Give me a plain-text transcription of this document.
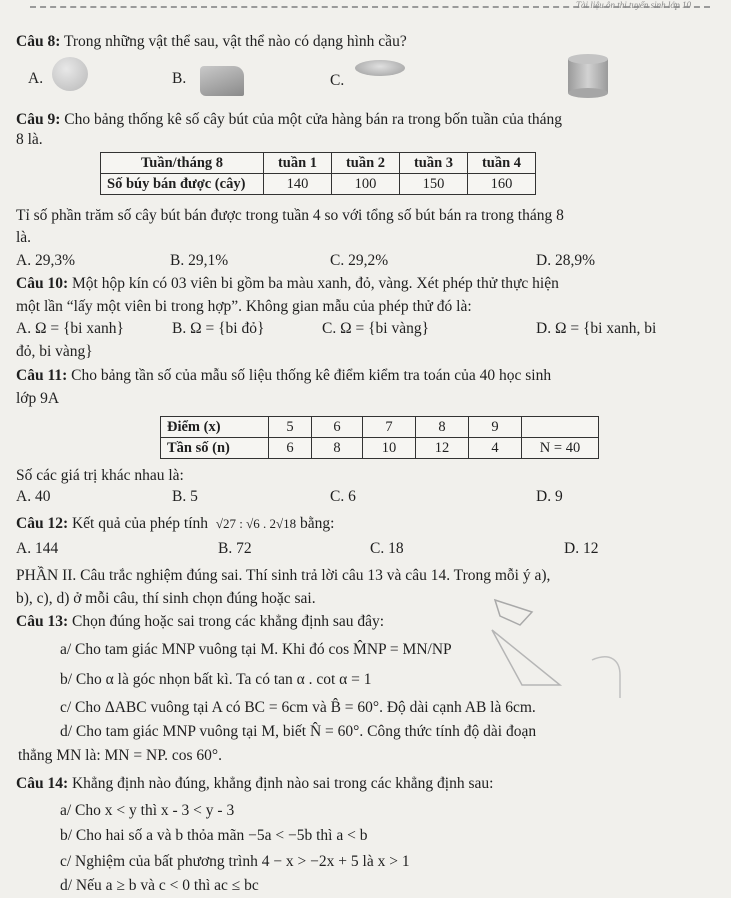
Tài liệu ôn thi tuyển sinh lớp 10
Câu 8: Trong những vật thể sau, vật thể nào có dạng hình cầu?
A.	B.	C.
Câu 9: Cho bảng thống kê số cây bút của một cửa hàng bán ra trong bốn tuần của tháng
8 là.
Tuần/tháng 8	tuần 1	tuần 2	tuần 3	tuần 4
Số búy bán được (cây)	140	100	150	160
Tỉ số phần trăm số cây bút bán được trong tuần 4 so với tổng số bút bán ra trong tháng 8
là.
A. 29,3%	B. 29,1%	C. 29,2%	D. 28,9%
Câu 10: Một hộp kín có 03 viên bi gồm ba màu xanh, đỏ, vàng. Xét phép thử thực hiện
một lần “lấy một viên bi trong hợp”. Không gian mẫu của phép thử đó là:
A. Ω = {bi xanh}	B. Ω = {bi đỏ}	C. Ω = {bi vàng}	D. Ω = {bi xanh, bi
đỏ, bi vàng}
Câu 11: Cho bảng tần số của mẫu số liệu thống kê điểm kiểm tra toán của 40 học sinh
lớp 9A
Điểm (x)	5	6	7	8	9	
Tần số (n)	6	8	10	12	4	N = 40
Số các giá trị khác nhau là:
A. 40	B. 5	C. 6	D. 9
Câu 12: Kết quả của phép tính √27 : √6 . 2√18 bằng:
A. 144	B. 72	C. 18	D. 12
PHẦN II. Câu trắc nghiệm đúng sai. Thí sinh trả lời câu 13 và câu 14. Trong mỗi ý a),
b), c), d) ở mỗi câu, thí sinh chọn đúng hoặc sai.
Câu 13: Chọn đúng hoặc sai trong các khẳng định sau đây:
a/ Cho tam giác MNP vuông tại M. Khi đó cos M̂NP = MN/NP
b/ Cho α là góc nhọn bất kì. Ta có tan α . cot α = 1
c/ Cho ΔABC vuông tại A có BC = 6cm và B̂ = 60°. Độ dài cạnh AB là 6cm.
d/ Cho tam giác MNP vuông tại M, biết N̂ = 60°. Công thức tính độ dài đoạn
thẳng MN là: MN = NP. cos 60°.
Câu 14: Khẳng định nào đúng, khẳng định nào sai trong các khẳng định sau:
a/ Cho x < y thì x - 3 < y - 3
b/ Cho hai số a và b thỏa mãn −5a < −5b thì a < b
c/ Nghiệm của bất phương trình 4 − x > −2x + 5 là x > 1
d/ Nếu a ≥ b và c < 0 thì ac ≤ bc
